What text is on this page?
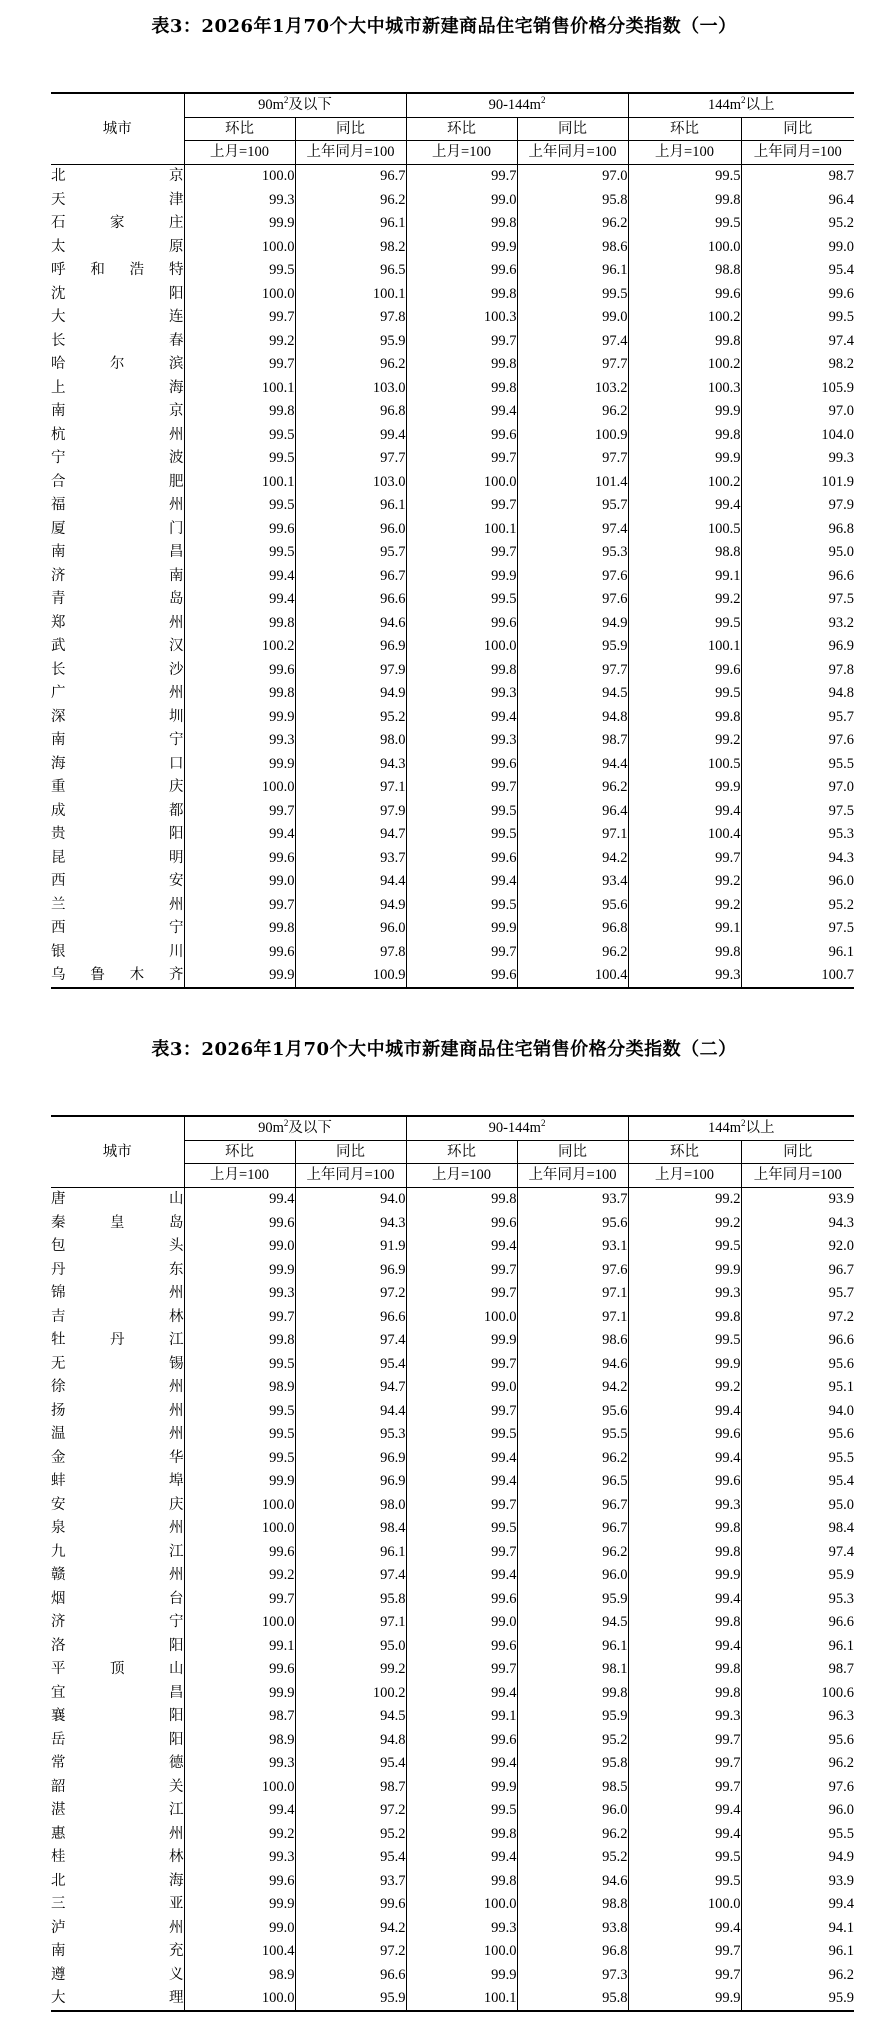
表3：2026年1月70个大中城市新建商品住宅销售价格分类指数（一）
城市	$90m^2$及以下		$90-144m^2$		$144m^2$以上	
	环比	同比	环比	同比	环比	同比
	上月=100	上年同月=100	上月=100	上年同月=100	上月=100	上年同月=100
北　　京	100.0	96.7	99.7	97.0	99.5	98.7
天　　津	99.3	96.2	99.0	95.8	99.8	96.4
石 家 庄	99.9	96.1	99.8	96.2	99.5	95.2
太　　原	100.0	98.2	99.9	98.6	100.0	99.0
呼和浩特	99.5	96.5	99.6	96.1	98.8	95.4
沈　　阳	100.0	100.1	99.8	99.5	99.6	99.6
大　　连	99.7	97.8	100.3	99.0	100.2	99.5
长　　春	99.2	95.9	99.7	97.4	99.8	97.4
哈 尔 滨	99.7	96.2	99.8	97.7	100.2	98.2
上　　海	100.1	103.0	99.8	103.2	100.3	105.9
南　　京	99.8	96.8	99.4	96.2	99.9	97.0
杭　　州	99.5	99.4	99.6	100.9	99.8	104.0
宁　　波	99.5	97.7	99.7	97.7	99.9	99.3
合　　肥	100.1	103.0	100.0	101.4	100.2	101.9
福　　州	99.5	96.1	99.7	95.7	99.4	97.9
厦　　门	99.6	96.0	100.1	97.4	100.5	96.8
南　　昌	99.5	95.7	99.7	95.3	98.8	95.0
济　　南	99.4	96.7	99.9	97.6	99.1	96.6
青　　岛	99.4	96.6	99.5	97.6	99.2	97.5
郑　　州	99.8	94.6	99.6	94.9	99.5	93.2
武　　汉	100.2	96.9	100.0	95.9	100.1	96.9
长　　沙	99.6	97.9	99.8	97.7	99.6	97.8
广　　州	99.8	94.9	99.3	94.5	99.5	94.8
深　　圳	99.9	95.2	99.4	94.8	99.8	95.7
南　　宁	99.3	98.0	99.3	98.7	99.2	97.6
海　　口	99.9	94.3	99.6	94.4	100.5	95.5
重　　庆	100.0	97.1	99.7	96.2	99.9	97.0
成　　都	99.7	97.9	99.5	96.4	99.4	97.5
贵　　阳	99.4	94.7	99.5	97.1	100.4	95.3
昆　　明	99.6	93.7	99.6	94.2	99.7	94.3
西　　安	99.0	94.4	99.4	93.4	99.2	96.0
兰　　州	99.7	94.9	99.5	95.6	99.2	95.2
西　　宁	99.8	96.0	99.9	96.8	99.1	97.5
银　　川	99.6	97.8	99.7	96.2	99.8	96.1
乌鲁木齐	99.9	100.9	99.6	100.4	99.3	100.7
表3：2026年1月70个大中城市新建商品住宅销售价格分类指数（二）
城市	$90m^2$及以下		$90-144m^2$		$144m^2$以上	
	环比	同比	环比	同比	环比	同比
	上月=100	上年同月=100	上月=100	上年同月=100	上月=100	上年同月=100
唐　　山	99.4	94.0	99.8	93.7	99.2	93.9
秦 皇 岛	99.6	94.3	99.6	95.6	99.2	94.3
包　　头	99.0	91.9	99.4	93.1	99.5	92.0
丹　　东	99.9	96.9	99.7	97.6	99.9	96.7
锦　　州	99.3	97.2	99.7	97.1	99.3	95.7
吉　　林	99.7	96.6	100.0	97.1	99.8	97.2
牡 丹 江	99.8	97.4	99.9	98.6	99.5	96.6
无　　锡	99.5	95.4	99.7	94.6	99.9	95.6
徐　　州	98.9	94.7	99.0	94.2	99.2	95.1
扬　　州	99.5	94.4	99.7	95.6	99.4	94.0
温　　州	99.5	95.3	99.5	95.5	99.6	95.6
金　　华	99.5	96.9	99.4	96.2	99.4	95.5
蚌　　埠	99.9	96.9	99.4	96.5	99.6	95.4
安　　庆	100.0	98.0	99.7	96.7	99.3	95.0
泉　　州	100.0	98.4	99.5	96.7	99.8	98.4
九　　江	99.6	96.1	99.7	96.2	99.8	97.4
赣　　州	99.2	97.4	99.4	96.0	99.9	95.9
烟　　台	99.7	95.8	99.6	95.9	99.4	95.3
济　　宁	100.0	97.1	99.0	94.5	99.8	96.6
洛　　阳	99.1	95.0	99.6	96.1	99.4	96.1
平 顶 山	99.6	99.2	99.7	98.1	99.8	98.7
宜　　昌	99.9	100.2	99.4	99.8	99.8	100.6
襄　　阳	98.7	94.5	99.1	95.9	99.3	96.3
岳　　阳	98.9	94.8	99.6	95.2	99.7	95.6
常　　德	99.3	95.4	99.4	95.8	99.7	96.2
韶　　关	100.0	98.7	99.9	98.5	99.7	97.6
湛　　江	99.4	97.2	99.5	96.0	99.4	96.0
惠　　州	99.2	95.2	99.8	96.2	99.4	95.5
桂　　林	99.3	95.4	99.4	95.2	99.5	94.9
北　　海	99.6	93.7	99.8	94.6	99.5	93.9
三　　亚	99.9	99.6	100.0	98.8	100.0	99.4
泸　　州	99.0	94.2	99.3	93.8	99.4	94.1
南　　充	100.4	97.2	100.0	96.8	99.7	96.1
遵　　义	98.9	96.6	99.9	97.3	99.7	96.2
大　　理	100.0	95.9	100.1	95.8	99.9	95.9
